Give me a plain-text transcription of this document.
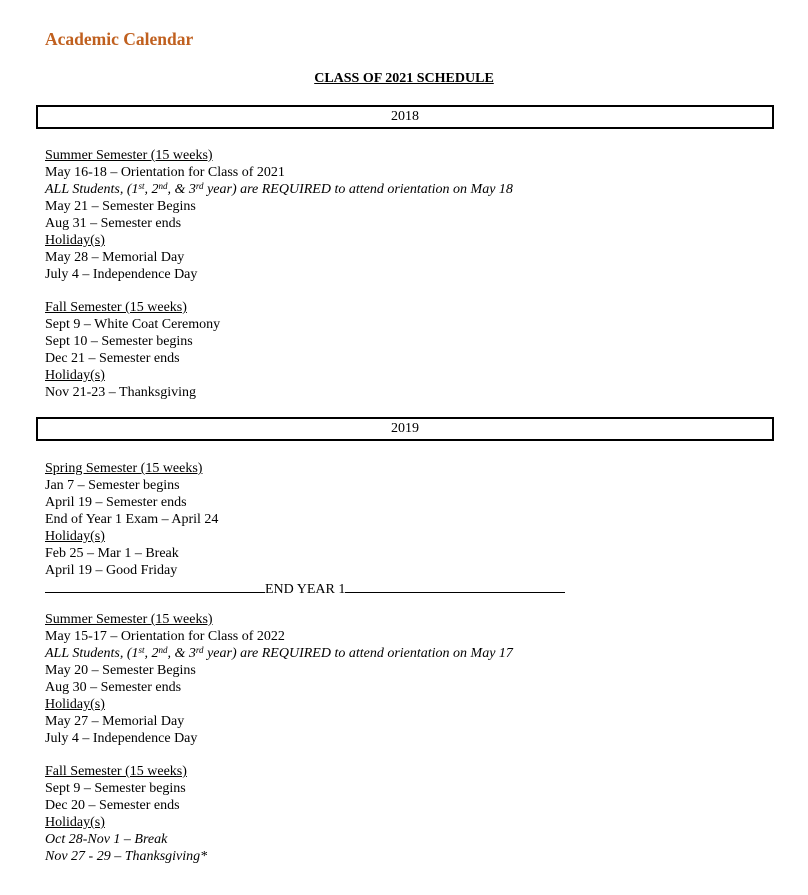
Academic Calendar
CLASS OF 2021 SCHEDULE
2018
Summer Semester (15 weeks)
May 16-18 – Orientation for Class of 2021
ALL Students, (1st, 2nd, & 3rd year) are REQUIRED to attend orientation on May 18
May 21 – Semester Begins
Aug 31 – Semester ends
Holiday(s)
May 28 – Memorial Day
July 4 – Independence Day
Fall Semester (15 weeks)
Sept 9 – White Coat Ceremony
Sept 10 – Semester begins
Dec 21 – Semester ends
Holiday(s)
Nov 21-23 – Thanksgiving
2019
Spring Semester (15 weeks)
Jan 7 – Semester begins
April 19 – Semester ends
End of Year 1 Exam – April 24
Holiday(s)
Feb 25 – Mar 1 – Break
April 19 – Good Friday
END YEAR 1
Summer Semester (15 weeks)
May 15-17 – Orientation for Class of 2022
ALL Students, (1st, 2nd, & 3rd year) are REQUIRED to attend orientation on May 17
May 20 – Semester Begins
Aug 30 – Semester ends
Holiday(s)
May 27 – Memorial Day
July 4 – Independence Day
Fall Semester (15 weeks)
Sept 9 – Semester begins
Dec 20 – Semester ends
Holiday(s)
Oct 28-Nov 1 – Break
Nov 27 - 29 – Thanksgiving*
